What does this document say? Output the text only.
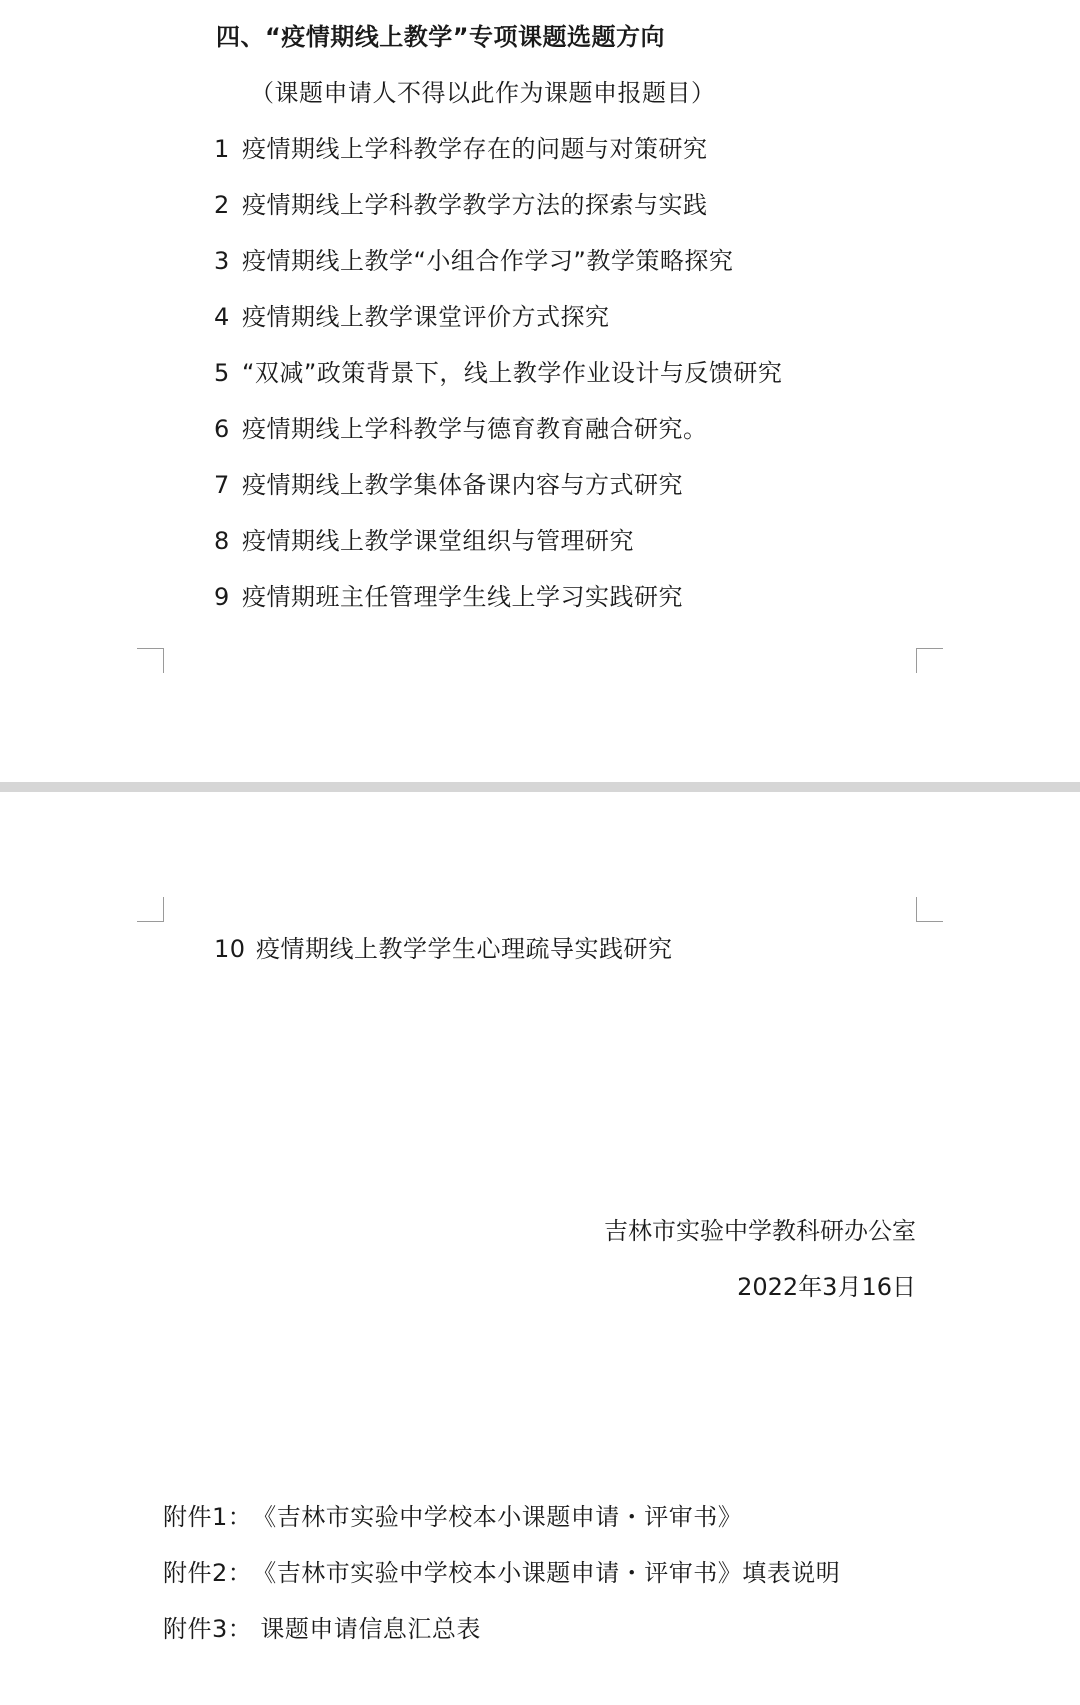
四、“疫情期线上教学”专项课题选题方向
（课题申请人不得以此作为课题申报题目）
1 疫情期线上学科教学存在的问题与对策研究
2 疫情期线上学科教学教学方法的探索与实践
3 疫情期线上教学“小组合作学习”教学策略探究
4 疫情期线上教学课堂评价方式探究
5 “双减”政策背景下，线上教学作业设计与反馈研究
6 疫情期线上学科教学与德育教育融合研究。
7 疫情期线上教学集体备课内容与方式研究
8 疫情期线上教学课堂组织与管理研究
9 疫情期班主任管理学生线上学习实践研究
10 疫情期线上教学学生心理疏导实践研究
吉林市实验中学教科研办公室
2022年3月16日
附件1：《吉林市实验中学校本小课题申请・评审书》
附件2：《吉林市实验中学校本小课题申请・评审书》填表说明
附件3： 课题申请信息汇总表
